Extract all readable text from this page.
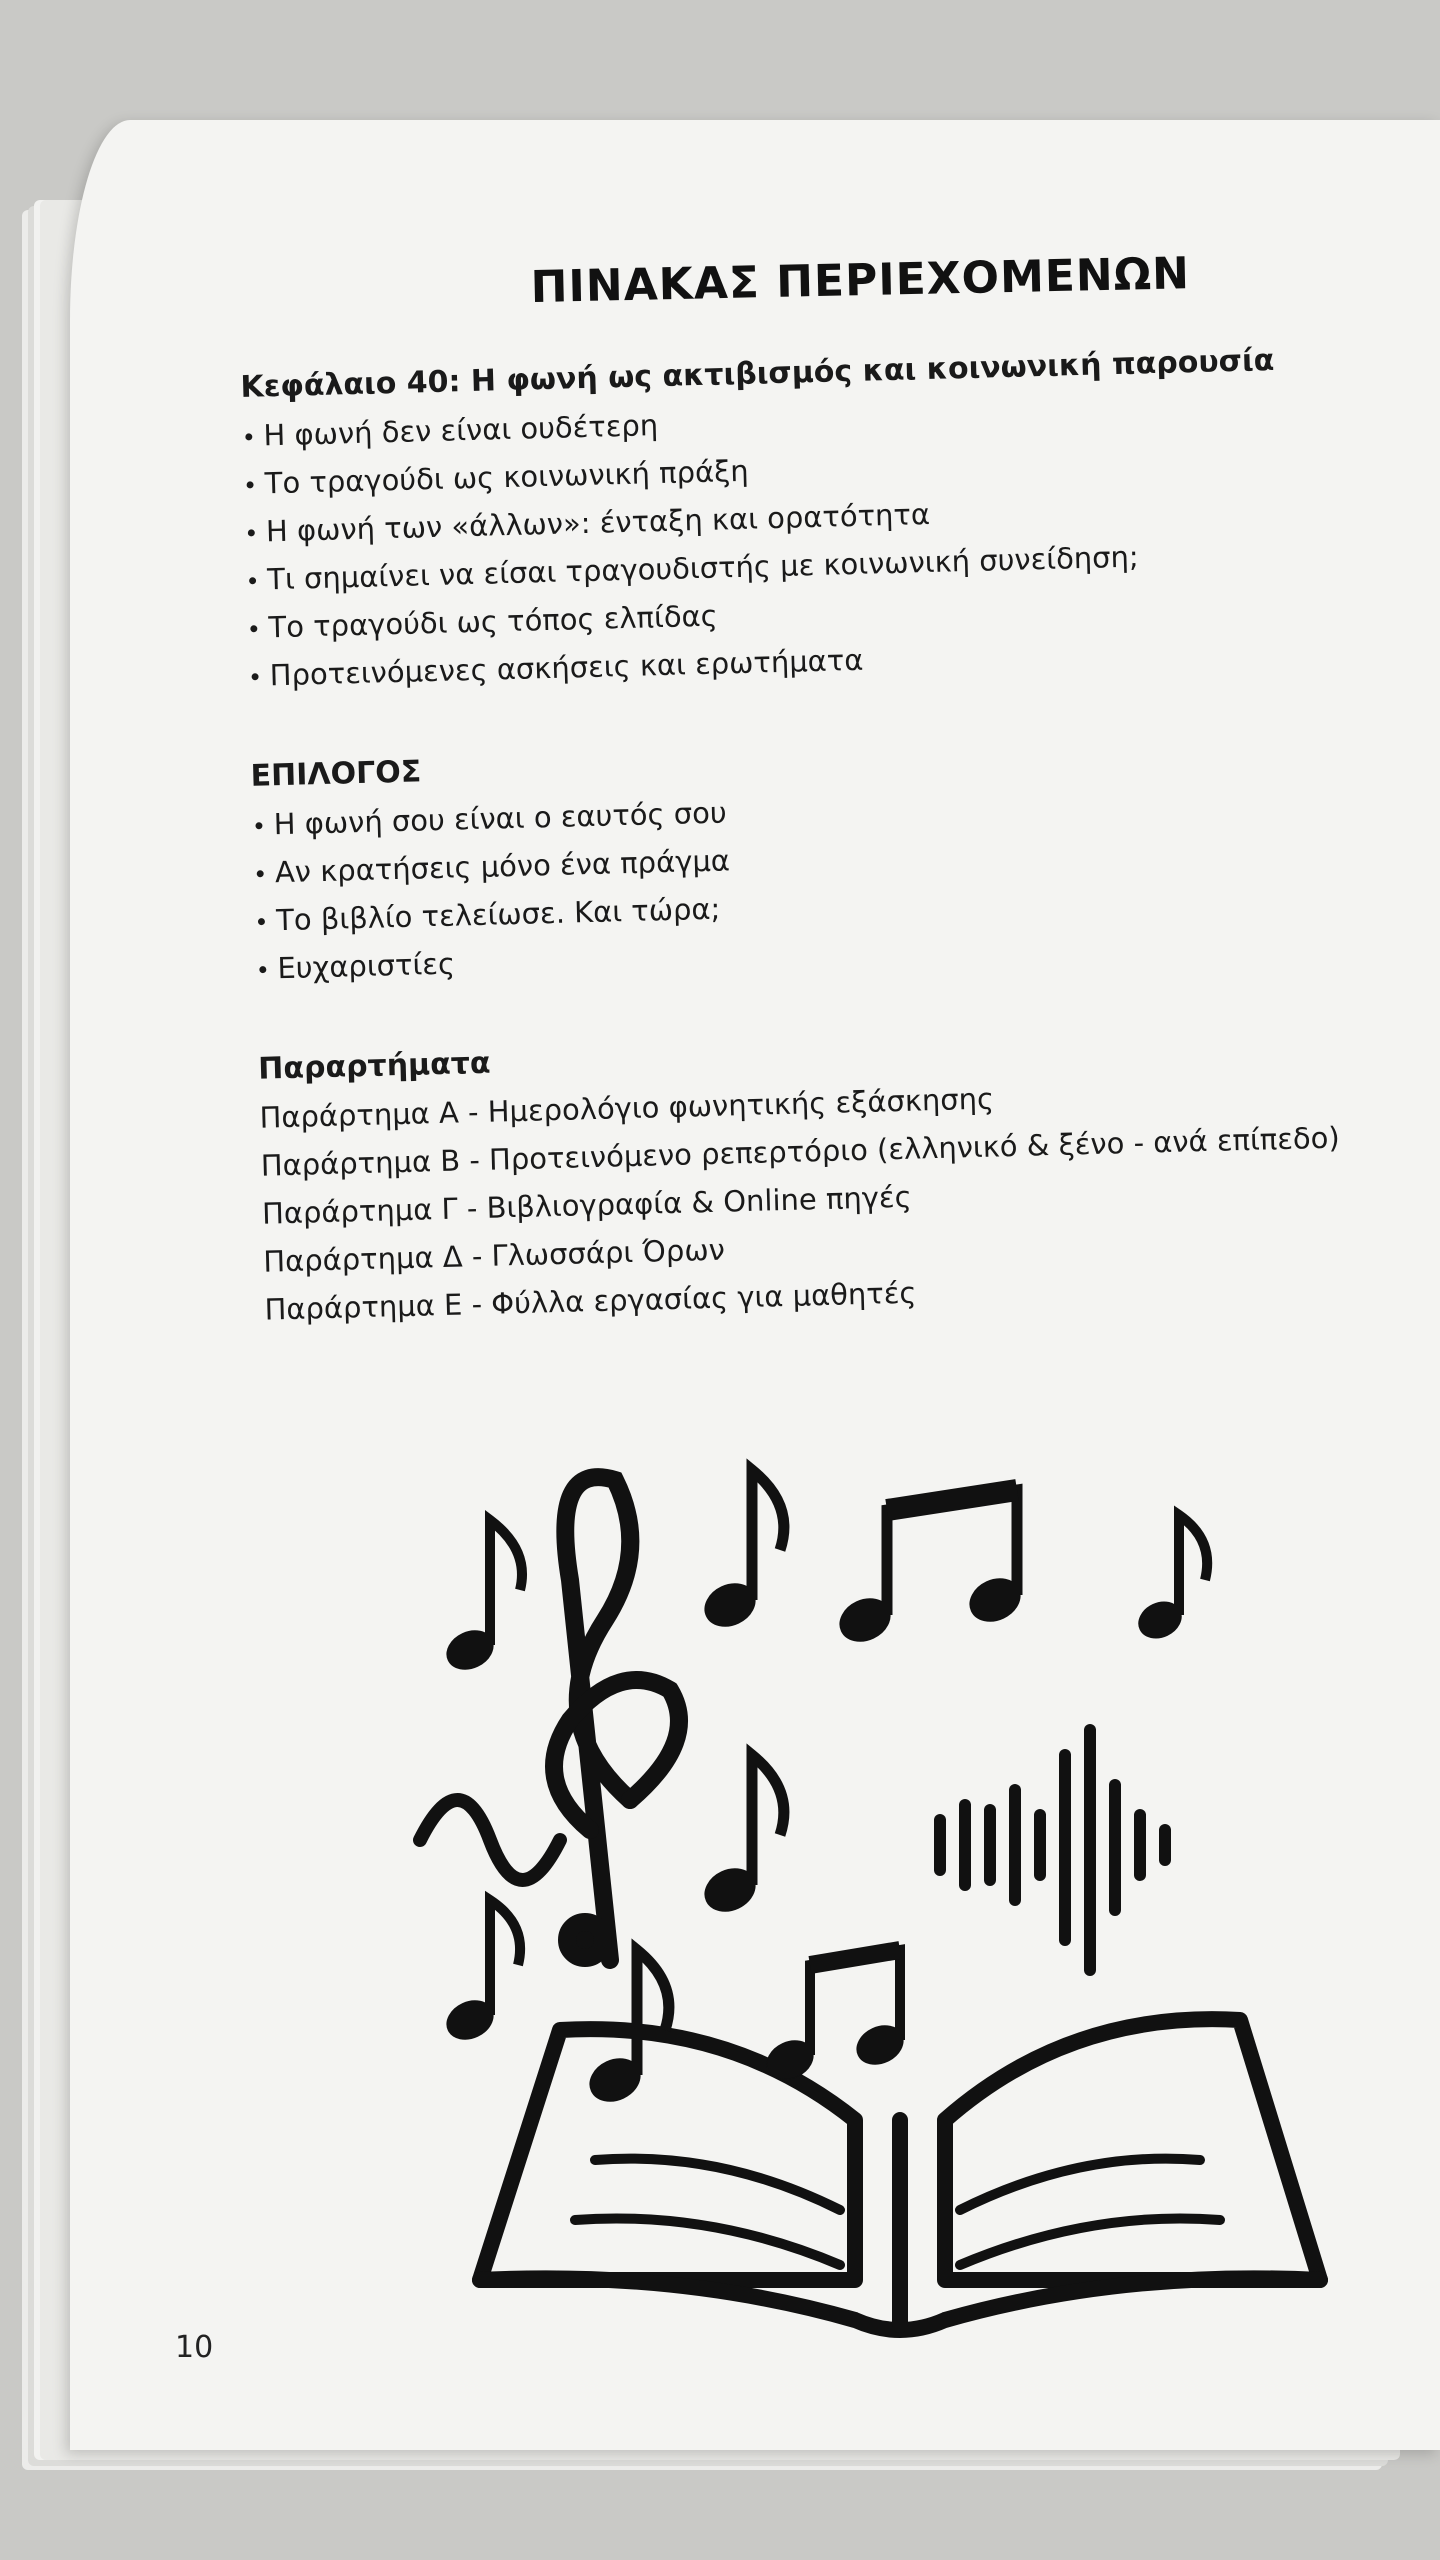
ΠΙΝΑΚΑΣ ΠΕΡΙΕΧΟΜΕΝΩΝ
Κεφάλαιο 40: Η φωνή ως ακτιβισμός και κοινωνική παρουσία
• Η φωνή δεν είναι ουδέτερη
• Το τραγούδι ως κοινωνική πράξη
• Η φωνή των «άλλων»: ένταξη και ορατότητα
• Τι σημαίνει να είσαι τραγουδιστής με κοινωνική συνείδηση;
• Το τραγούδι ως τόπος ελπίδας
• Προτεινόμενες ασκήσεις και ερωτήματα
ΕΠΙΛΟΓΟΣ
• Η φωνή σου είναι ο εαυτός σου
• Αν κρατήσεις μόνο ένα πράγμα
• Το βιβλίο τελείωσε. Και τώρα;
• Ευχαριστίες
Παραρτήματα
Παράρτημα Α - Ημερολόγιο φωνητικής εξάσκησης
Παράρτημα Β - Προτεινόμενο ρεπερτόριο (ελληνικό & ξένο - ανά επίπεδο)
Παράρτημα Γ - Βιβλιογραφία & Online πηγές
Παράρτημα Δ - Γλωσσάρι Όρων
Παράρτημα Ε - Φύλλα εργασίας για μαθητές
10
